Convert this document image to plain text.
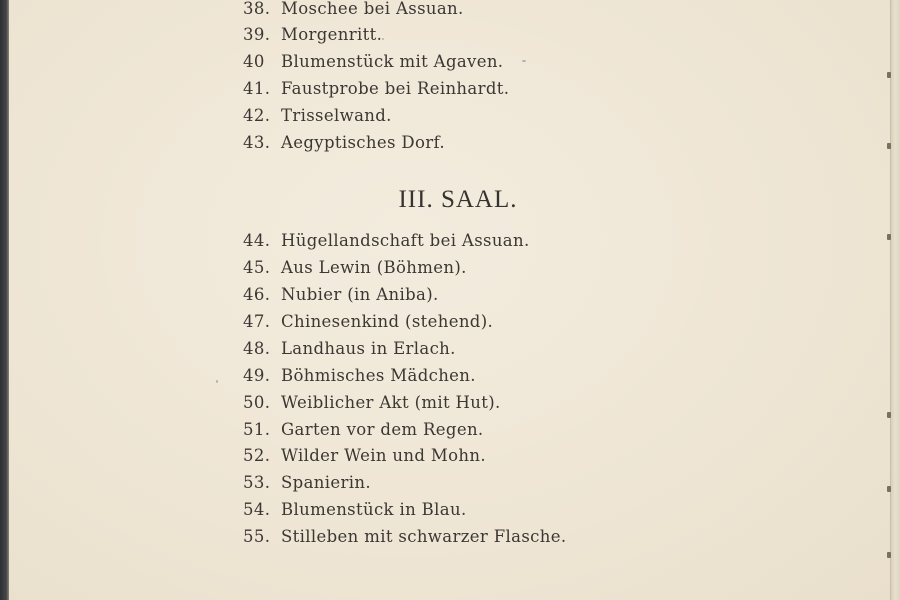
38. Moschee bei Assuan.
39. Morgenritt.
40 Blumenstück mit Agaven.
41. Faustprobe bei Reinhardt.
42. Trisselwand.
43. Aegyptisches Dorf.
III. SAAL.
44. Hügellandschaft bei Assuan.
45. Aus Lewin (Böhmen).
46. Nubier (in Aniba).
47. Chinesenkind (stehend).
48. Landhaus in Erlach.
49. Böhmisches Mädchen.
50. Weiblicher Akt (mit Hut).
51. Garten vor dem Regen.
52. Wilder Wein und Mohn.
53. Spanierin.
54. Blumenstück in Blau.
55. Stilleben mit schwarzer Flasche.
